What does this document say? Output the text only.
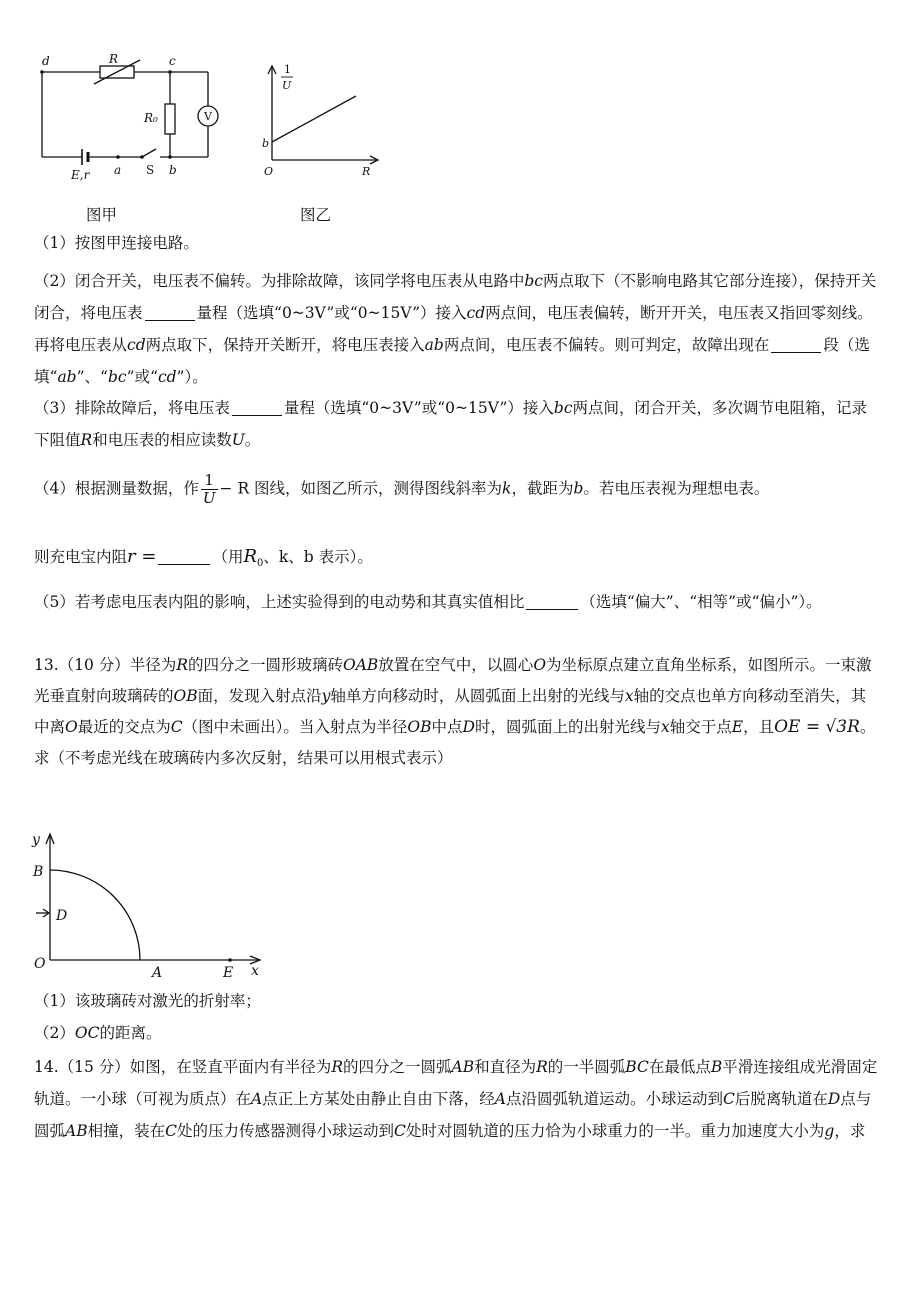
d	R	c
R₀
E,r a	b
V
S
图甲
1
U
b
O	R
图乙
（1）按图甲连接电路。
（2）闭合开关，电压表不偏转。为排除故障，该同学将电压表从电路中bc两点取下（不影响电路其它部分连接），保持开关闭合，将电压表	量程（选填“0~3V”或“0~15V”）接入cd两点间，电压表偏转，断开开关，电压表又指回零刻线。再将电压表从cd两点取下，保持开关断开，将电压表接入ab两点间，电压表不偏转。则可判定，故障出现在	段（选填“ab”、“bc”或“cd”）。
（3）排除故障后，将电压表	量程（选填“0~3V”或“0~15V”）接入bc两点间，闭合开关，多次调节电阻箱，记录下阻值R和电压表的相应读数U。
（4）根据测量数据，作 $\frac{1}{U} - R$ 图线，如图乙所示，测得图线斜率为k，截距为b。若电压表视为理想电表。
则充电宝内阻r =	（用$R_0$、k、b 表示）。
（5）若考虑电压表内阻的影响，上述实验得到的电动势和其真实值相比	（选填“偏大”、“相等”或“偏小”）。
13.（10 分）半径为R的四分之一圆形玻璃砖OAB放置在空气中，以圆心O为坐标原点建立直角坐标系，如图所示。一束激光垂直射向玻璃砖的OB面，发现入射点沿y轴单方向移动时，从圆弧面上出射的光线与x轴的交点也单方向移动至消失，其中离O最近的交点为C（图中未画出）。当入射点为半径OB中点D时，圆弧面上的出射光线与x轴交于点E，且OE = √3R。求（不考虑光线在玻璃砖内多次反射，结果可以用根式表示）
y
B
D
O
A	E x
（1）该玻璃砖对激光的折射率；
（2）OC的距离。
14.（15 分）如图，在竖直平面内有半径为R的四分之一圆弧AB和直径为R的一半圆弧BC在最低点B平滑连接组成光滑固定轨道。一小球（可视为质点）在A点正上方某处由静止自由下落，经A点沿圆弧轨道运动。小球运动到C后脱离轨道在D点与圆弧AB相撞，装在C处的压力传感器测得小球运动到C处时对圆轨道的压力恰为小球重力的一半。重力加速度大小为g，求
